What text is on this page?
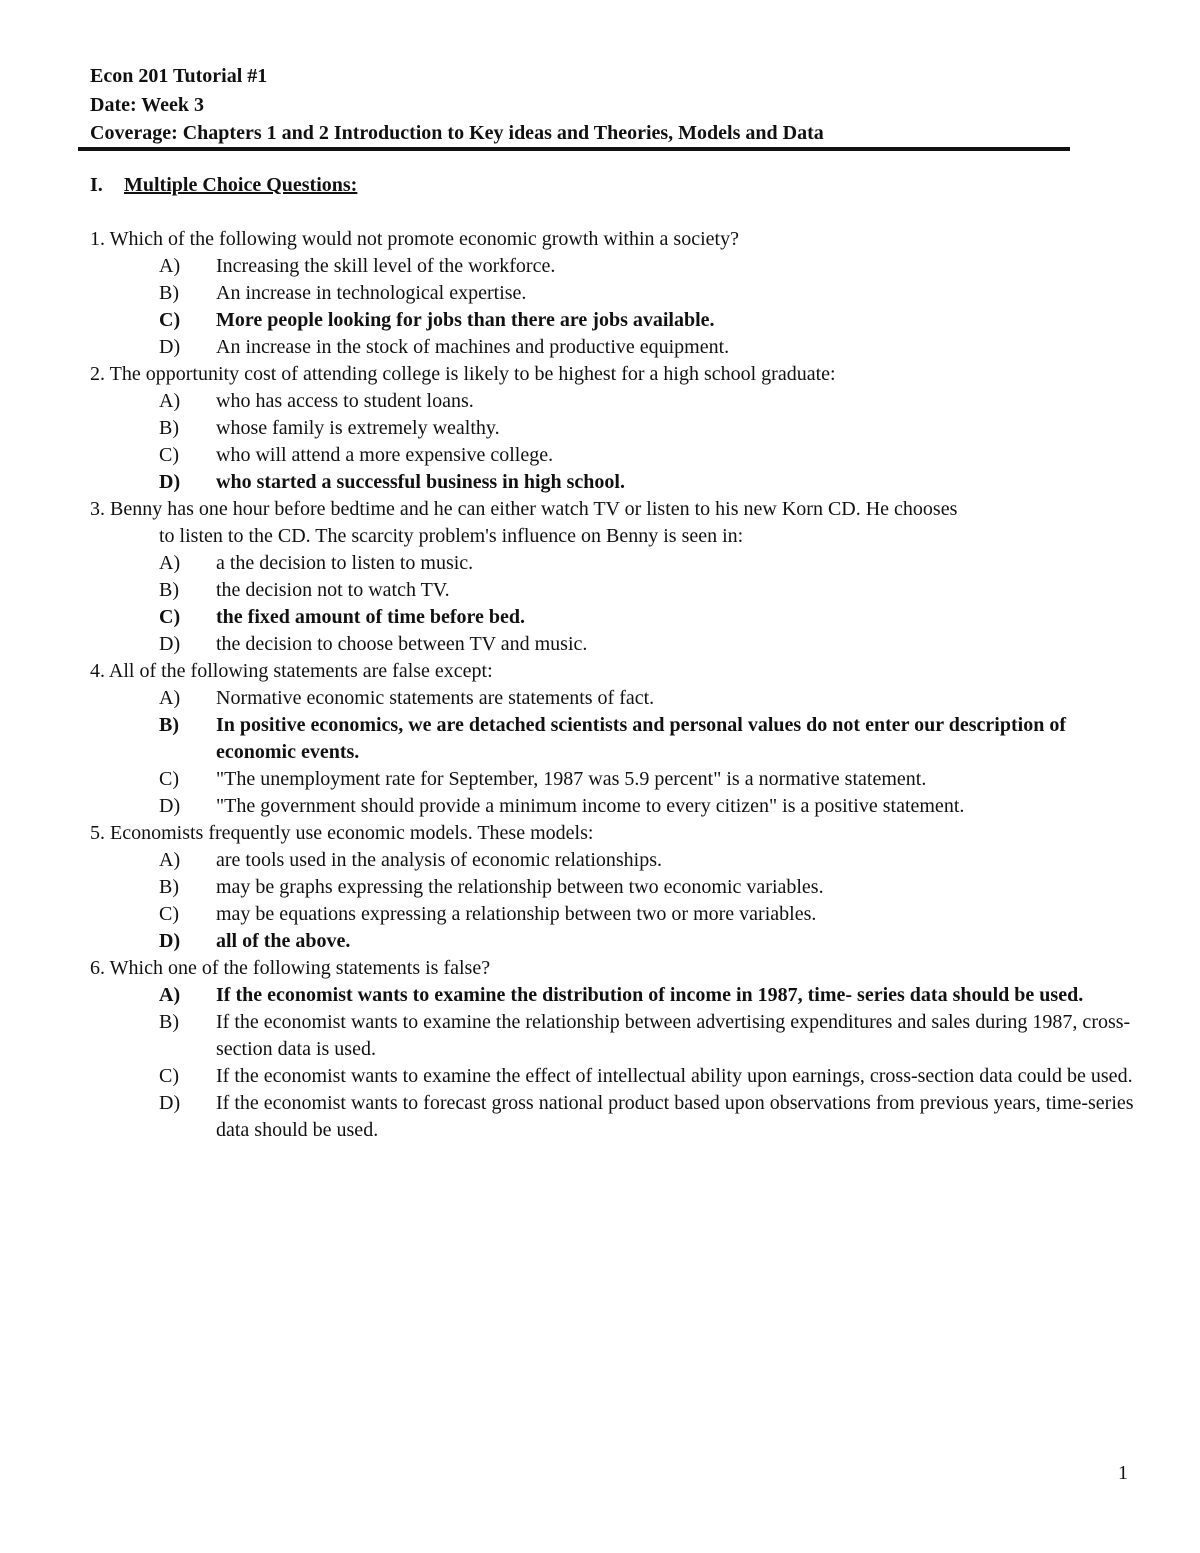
Econ 201 Tutorial #1
Date: Week 3
Coverage: Chapters 1 and 2 Introduction to Key ideas and Theories, Models and Data
I. Multiple Choice Questions:
1. Which of the following would not promote economic growth within a society?
A)	Increasing the skill level of the workforce.
B)	An increase in technological expertise.
C)	More people looking for jobs than there are jobs available.
D)	An increase in the stock of machines and productive equipment.
2. The opportunity cost of attending college is likely to be highest for a high school graduate:
A)	who has access to student loans.
B)	whose family is extremely wealthy.
C)	who will attend a more expensive college.
D)	who started a successful business in high school.
3. Benny has one hour before bedtime and he can either watch TV or listen to his new Korn CD. He chooses
to listen to the CD. The scarcity problem's influence on Benny is seen in:
A)	a the decision to listen to music.
B)	the decision not to watch TV.
C)	the fixed amount of time before bed.
D)	the decision to choose between TV and music.
4. All of the following statements are false except:
A)	Normative economic statements are statements of fact.
B)	In positive economics, we are detached scientists and personal values do not enter our description of economic events.
C)	"The unemployment rate for September, 1987 was 5.9 percent" is a normative statement.
D)	"The government should provide a minimum income to every citizen" is a positive statement.
5. Economists frequently use economic models. These models:
A)	are tools used in the analysis of economic relationships.
B)	may be graphs expressing the relationship between two economic variables.
C)	may be equations expressing a relationship between two or more variables.
D)	all of the above.
6. Which one of the following statements is false?
A)	If the economist wants to examine the distribution of income in 1987, time- series data should be used.
B)	If the economist wants to examine the relationship between advertising expenditures and sales during 1987, cross-section data is used.
C)	If the economist wants to examine the effect of intellectual ability upon earnings, cross-section data could be used.
D)	If the economist wants to forecast gross national product based upon observations from previous years, time-series data should be used.
1
